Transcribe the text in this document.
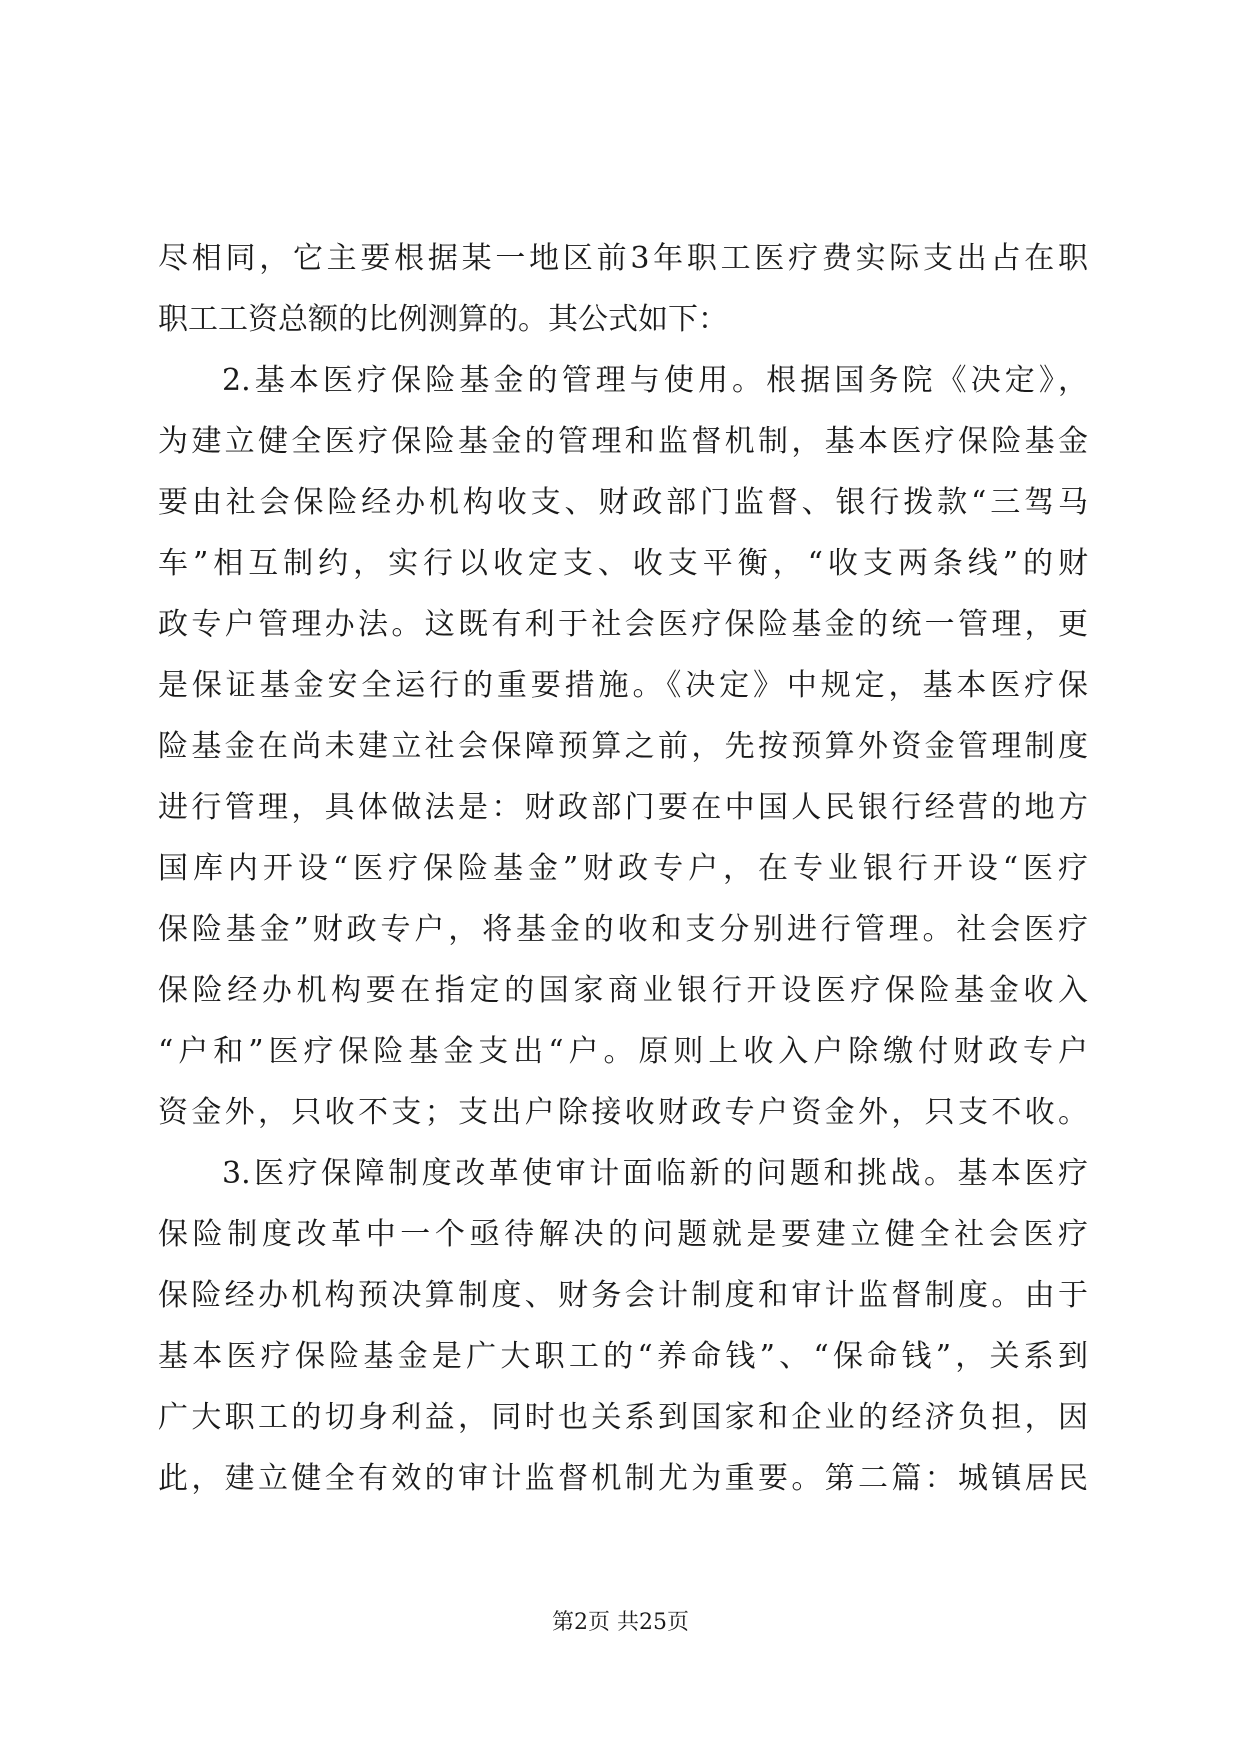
尽相同，它主要根据某一地区前3年职工医疗费实际支出占在职
职工工资总额的比例测算的。其公式如下：
2.基本医疗保险基金的管理与使用。根据国务院《决定》，
为建立健全医疗保险基金的管理和监督机制，基本医疗保险基金
要由社会保险经办机构收支、财政部门监督、银行拨款“三驾马
车”相互制约，实行以收定支、收支平衡，“收支两条线”的财
政专户管理办法。这既有利于社会医疗保险基金的统一管理，更
是保证基金安全运行的重要措施。《决定》中规定，基本医疗保
险基金在尚未建立社会保障预算之前，先按预算外资金管理制度
进行管理，具体做法是：财政部门要在中国人民银行经营的地方
国库内开设“医疗保险基金”财政专户，在专业银行开设“医疗
保险基金”财政专户，将基金的收和支分别进行管理。社会医疗
保险经办机构要在指定的国家商业银行开设医疗保险基金收入
“户和”医疗保险基金支出“户。原则上收入户除缴付财政专户
资金外，只收不支；支出户除接收财政专户资金外，只支不收。
3.医疗保障制度改革使审计面临新的问题和挑战。基本医疗
保险制度改革中一个亟待解决的问题就是要建立健全社会医疗
保险经办机构预决算制度、财务会计制度和审计监督制度。由于
基本医疗保险基金是广大职工的“养命钱”、“保命钱”，关系到
广大职工的切身利益，同时也关系到国家和企业的经济负担，因
此，建立健全有效的审计监督机制尤为重要。第二篇：城镇居民
第2页 共25页
